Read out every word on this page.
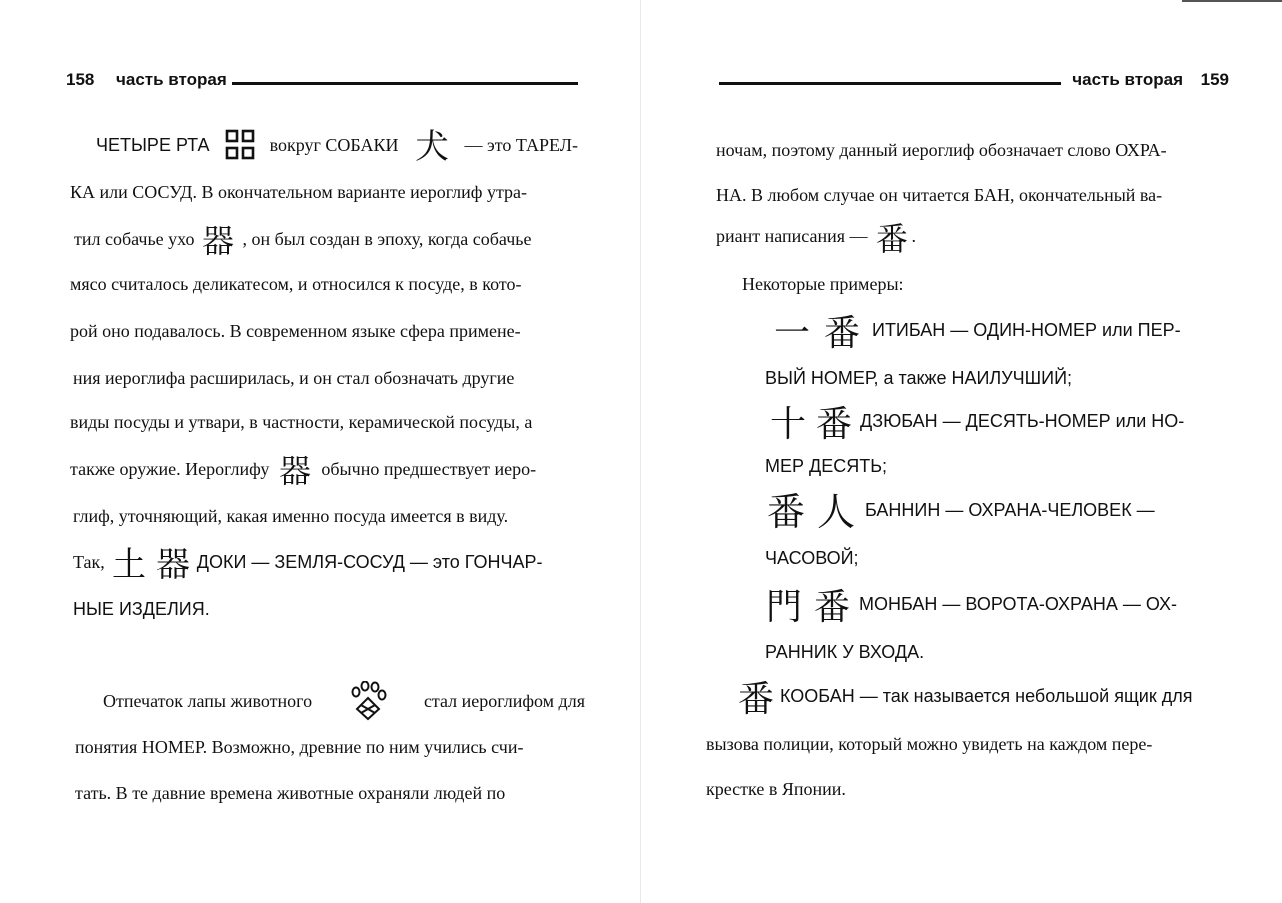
158 часть вторая
ЧЕТЫРЕ РТА	вокруг СОБАКИ 犬 — это ТАРЕЛ-
КА или СОСУД. В окончательном варианте иероглиф утра-
тил собачье ухо 器 , он был создан в эпоху, когда собачье
мясо считалось деликатесом, и относился к посуде, в кото-
рой оно подавалось. В современном языке сфера примене-
ния иероглифа расширилась, и он стал обозначать другие
виды посуды и утвари, в частности, керамической посуды, а
также оружие. Иероглифу 器 обычно предшествует иеро-
глиф, уточняющий, какая именно посуда имеется в виду.
Так, 土 器 ДОКИ — ЗЕМЛЯ-СОСУД — это ГОНЧАР-
НЫЕ ИЗДЕЛИЯ.
Отпечаток лапы животного	стал иероглифом для
понятия НОМЕР. Возможно, древние по ним учились счи-
тать. В те давние времена животные охраняли людей по
часть вторая 159
ночам, поэтому данный иероглиф обозначает слово ОХРА-
НА. В любом случае он читается БАН, окончательный ва-
риант написания — 番 .
Некоторые примеры:
一 番 ИТИБАН — ОДИН-НОМЕР или ПЕР-
ВЫЙ НОМЕР, а также НАИЛУЧШИЙ;
十 番 ДЗЮБАН — ДЕСЯТЬ-НОМЕР или НО-
МЕР ДЕСЯТЬ;
番 人 БАННИН — ОХРАНА-ЧЕЛОВЕК —
ЧАСОВОЙ;
門 番 МОНБАН — ВОРОТА-ОХРАНА — ОХ-
РАННИК У ВХОДА.
番 КООБАН — так называется небольшой ящик для
вызова полиции, который можно увидеть на каждом пере-
крестке в Японии.
